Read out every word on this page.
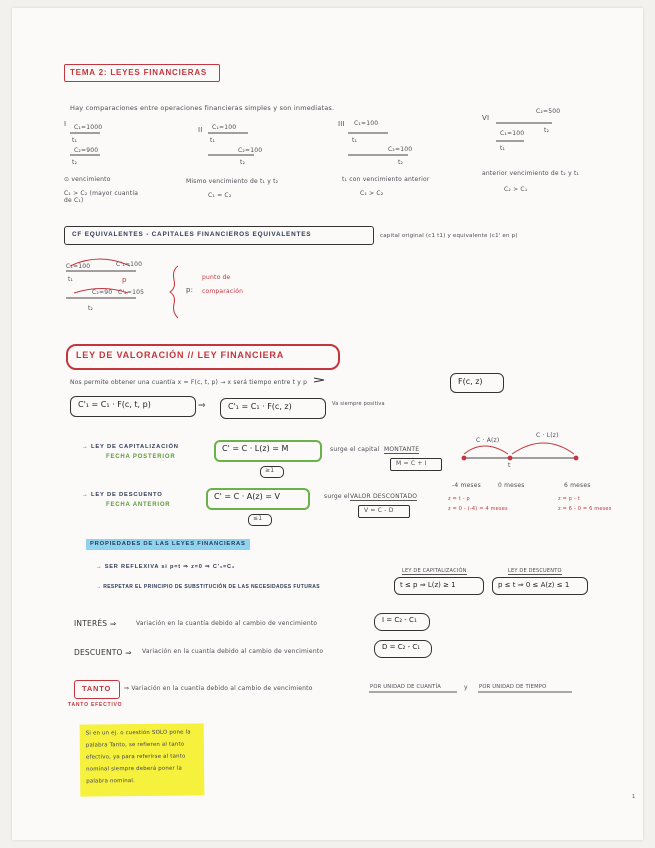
TEMA 2: LEYES FINANCIERAS
Hay comparaciones entre operaciones financieras simples y son inmediatas.
I C₁=1000
t₁
C₂=900
t₂
⊙ vencimiento
C₁ > C₂ (mayor cuantía de C₁)
II C₁=100
t₁
C₂=100
t₂
Mismo vencimiento de t₁ y t₂
C₁ = C₂
III C₁=100
t₁
C₂=100
t₂
t₁ con vencimiento anterior
C₁ > C₂
VI
C₁=100
t₁
C₂=500
t₂
anterior vencimiento de t₂ y t₁
C₂ > C₁
CF EQUIVALENTES - CAPITALES FINANCIEROS EQUIVALENTES	capital original (c1 t1) y equivalente (c1' en p)
C₁=100	C'₁=100
t₁
C₂=90 C'₂=105
t₂
p
p:
punto de
comparación
LEY DE VALORACIÓN // LEY FINANCIERA
Nos permite obtener una cuantía x = F(c, t, p) → x será tiempo entre t y p	F(c, z)
C'₁ = C₁ · F(c, t, p)	⇒	C'₁ = C₁ · F(c, z)	Va siempre positiva
→ LEY DE CAPITALIZACIÓN
FECHA POSTERIOR
C' = C · L(z) = M
≥1
surge el capital MONTANTE
M = C + I
→ LEY DE DESCUENTO
FECHA ANTERIOR
C' = C · A(z) = V
≤1
surge el VALOR DESCONTADO
V = C - D
C · A(z)
C · L(z)
t
-4 meses	0 meses	6 meses
z = t - p
z = 0 - (-4) = 4 meses
z = p - t
z = 6 - 0 = 6 meses
PROPIEDADES DE LAS LEYES FINANCIERAS
→ SER REFLEXIVA si p=t ⇒ z=0 ⇒ C'₁=C₁
→ RESPETAR EL PRINCIPIO DE SUBSTITUCIÓN DE LAS NECESIDADES FUTURAS
LEY DE CAPITALIZACIÓN	LEY DE DESCUENTO
t ≤ p ⇒ L(z) ≥ 1	p ≤ t ⇒ 0 ≤ A(z) ≤ 1
INTERÉS ⇒	Variación en la cuantía debido al cambio de vencimiento	I = C₂ - C₁
DESCUENTO ⇒ Variación en la cuantía debido al cambio de vencimiento
D = C₂ - C₁
TANTO ⇒ Variación en la cuantía debido al cambio de vencimiento	POR UNIDAD DE CUANTÍA	y POR UNIDAD DE TIEMPO
TANTO EFECTIVO
Si en un ej. o cuestión SOLO pone la
palabra Tanto, se refieren al tanto
efectivo, ya para referirse al tanto
nominal siempre deberá poner la
palabra nominal.
1
